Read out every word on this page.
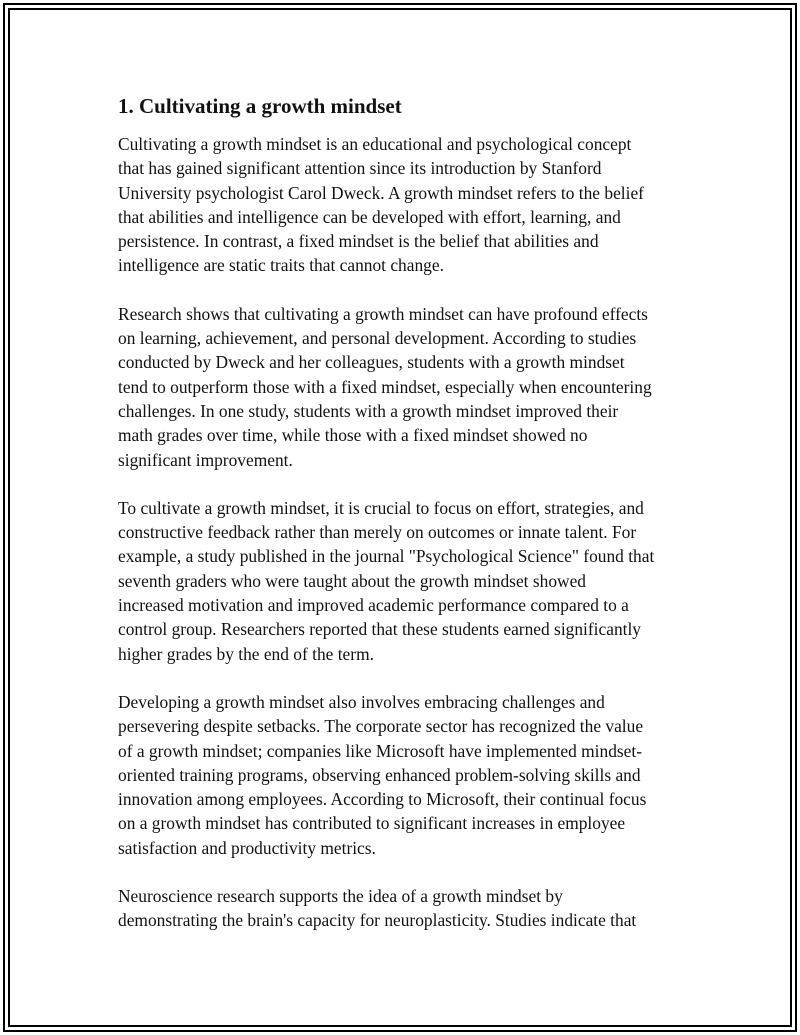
1. Cultivating a growth mindset

Cultivating a growth mindset is an educational and psychological concept
that has gained significant attention since its introduction by Stanford
University psychologist Carol Dweck. A growth mindset refers to the belief
that abilities and intelligence can be developed with effort, learning, and
persistence. In contrast, a fixed mindset is the belief that abilities and
intelligence are static traits that cannot change.

Research shows that cultivating a growth mindset can have profound effects
on learning, achievement, and personal development. According to studies
conducted by Dweck and her colleagues, students with a growth mindset
tend to outperform those with a fixed mindset, especially when encountering
challenges. In one study, students with a growth mindset improved their
math grades over time, while those with a fixed mindset showed no
significant improvement.

To cultivate a growth mindset, it is crucial to focus on effort, strategies, and
constructive feedback rather than merely on outcomes or innate talent. For
example, a study published in the journal "Psychological Science" found that
seventh graders who were taught about the growth mindset showed
increased motivation and improved academic performance compared to a
control group. Researchers reported that these students earned significantly
higher grades by the end of the term.

Developing a growth mindset also involves embracing challenges and
persevering despite setbacks. The corporate sector has recognized the value
of a growth mindset; companies like Microsoft have implemented mindset-
oriented training programs, observing enhanced problem-solving skills and
innovation among employees. According to Microsoft, their continual focus
on a growth mindset has contributed to significant increases in employee
satisfaction and productivity metrics.

Neuroscience research supports the idea of a growth mindset by
demonstrating the brain's capacity for neuroplasticity. Studies indicate that
